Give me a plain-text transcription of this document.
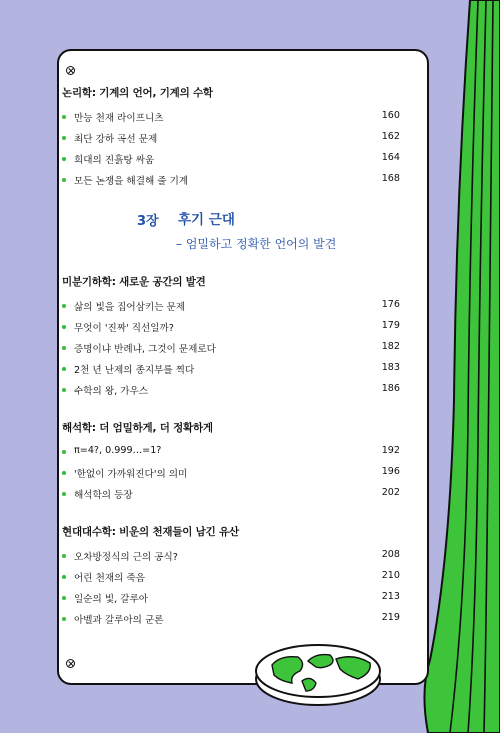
논리학: 기계의 언어, 기계의 수학
만능 천재 라이프니츠	160
최단 강하 곡선 문제	162
희대의 진흙탕 싸움	164
모든 논쟁을 해결해 줄 기계	168
3장 후기 근대
– 엄밀하고 정확한 언어의 발견
미분기하학: 새로운 공간의 발견
삶의 빛을 집어삼키는 문제	176
무엇이 '진짜' 직선일까?	179
증명이냐 반례냐, 그것이 문제로다	182
2천 년 난제의 종지부를 찍다	183
수학의 왕, 가우스	186
해석학: 더 엄밀하게, 더 정확하게
π=4?, 0.999…=1?	192
'한없이 가까워진다'의 의미	196
해석학의 등장	202
현대대수학: 비운의 천재들이 남긴 유산
오차방정식의 근의 공식?	208
어린 천재의 죽음	210
일순의 빛, 갈루아	213
아벨과 갈루아의 군론	219
